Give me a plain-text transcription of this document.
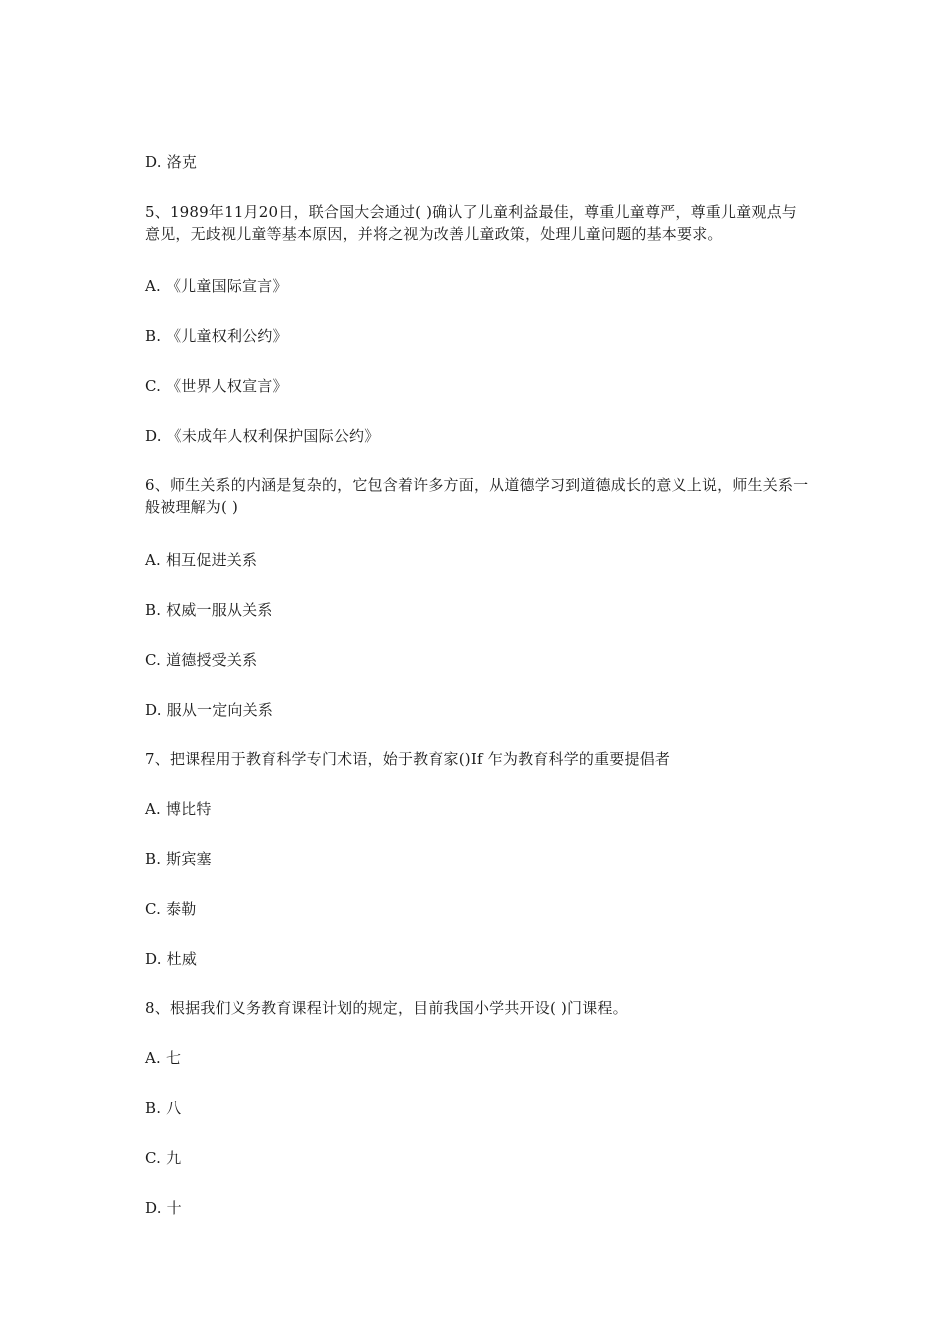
D. 洛克
5、1989年11月20日，联合国大会通过( )确认了儿童利益最佳，尊重儿童尊严，尊重儿童观点与意见，无歧视儿童等基本原因，并将之视为改善儿童政策，处理儿童问题的基本要求。
A. 《儿童国际宣言》
B. 《儿童权利公约》
C. 《世界人权宣言》
D. 《未成年人权利保护国际公约》
6、师生关系的内涵是复杂的，它包含着许多方面，从道德学习到道德成长的意义上说，师生关系一般被理解为( )
A. 相互促进关系
B. 权威一服从关系
C. 道德授受关系
D. 服从一定向关系
7、把课程用于教育科学专门术语，始于教育家()If 乍为教育科学的重要提倡者
A. 博比特
B. 斯宾塞
C. 泰勒
D. 杜威
8、根据我们义务教育课程计划的规定，目前我国小学共开设( )门课程。
A. 七
B. 八
C. 九
D. 十
